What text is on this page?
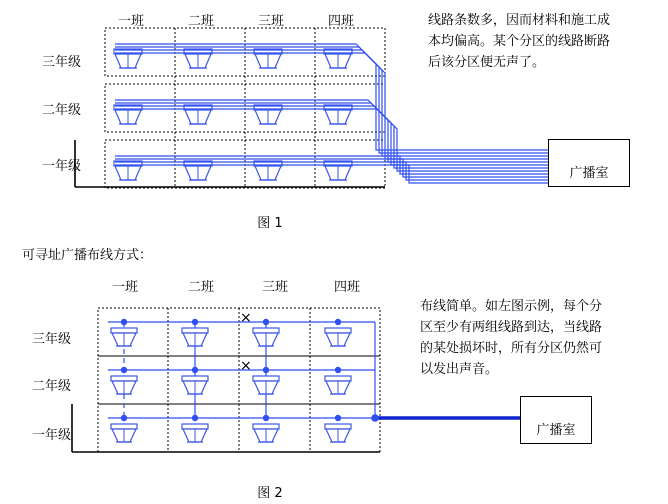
一班	二班	三班	四班
三年级
二年级
一年级	广播室
线路条数多，因而材料和施工成本均偏高。某个分区的线路断路后该分区便无声了。
图 1
可寻址广播布线方式：
一班	二班	三班	四班
三年级
二年级
一年级
×
×
广播室
布线简单。如左图示例，每个分区至少有两组线路到达，当线路的某处损坏时，所有分区仍然可以发出声音。
图 2
